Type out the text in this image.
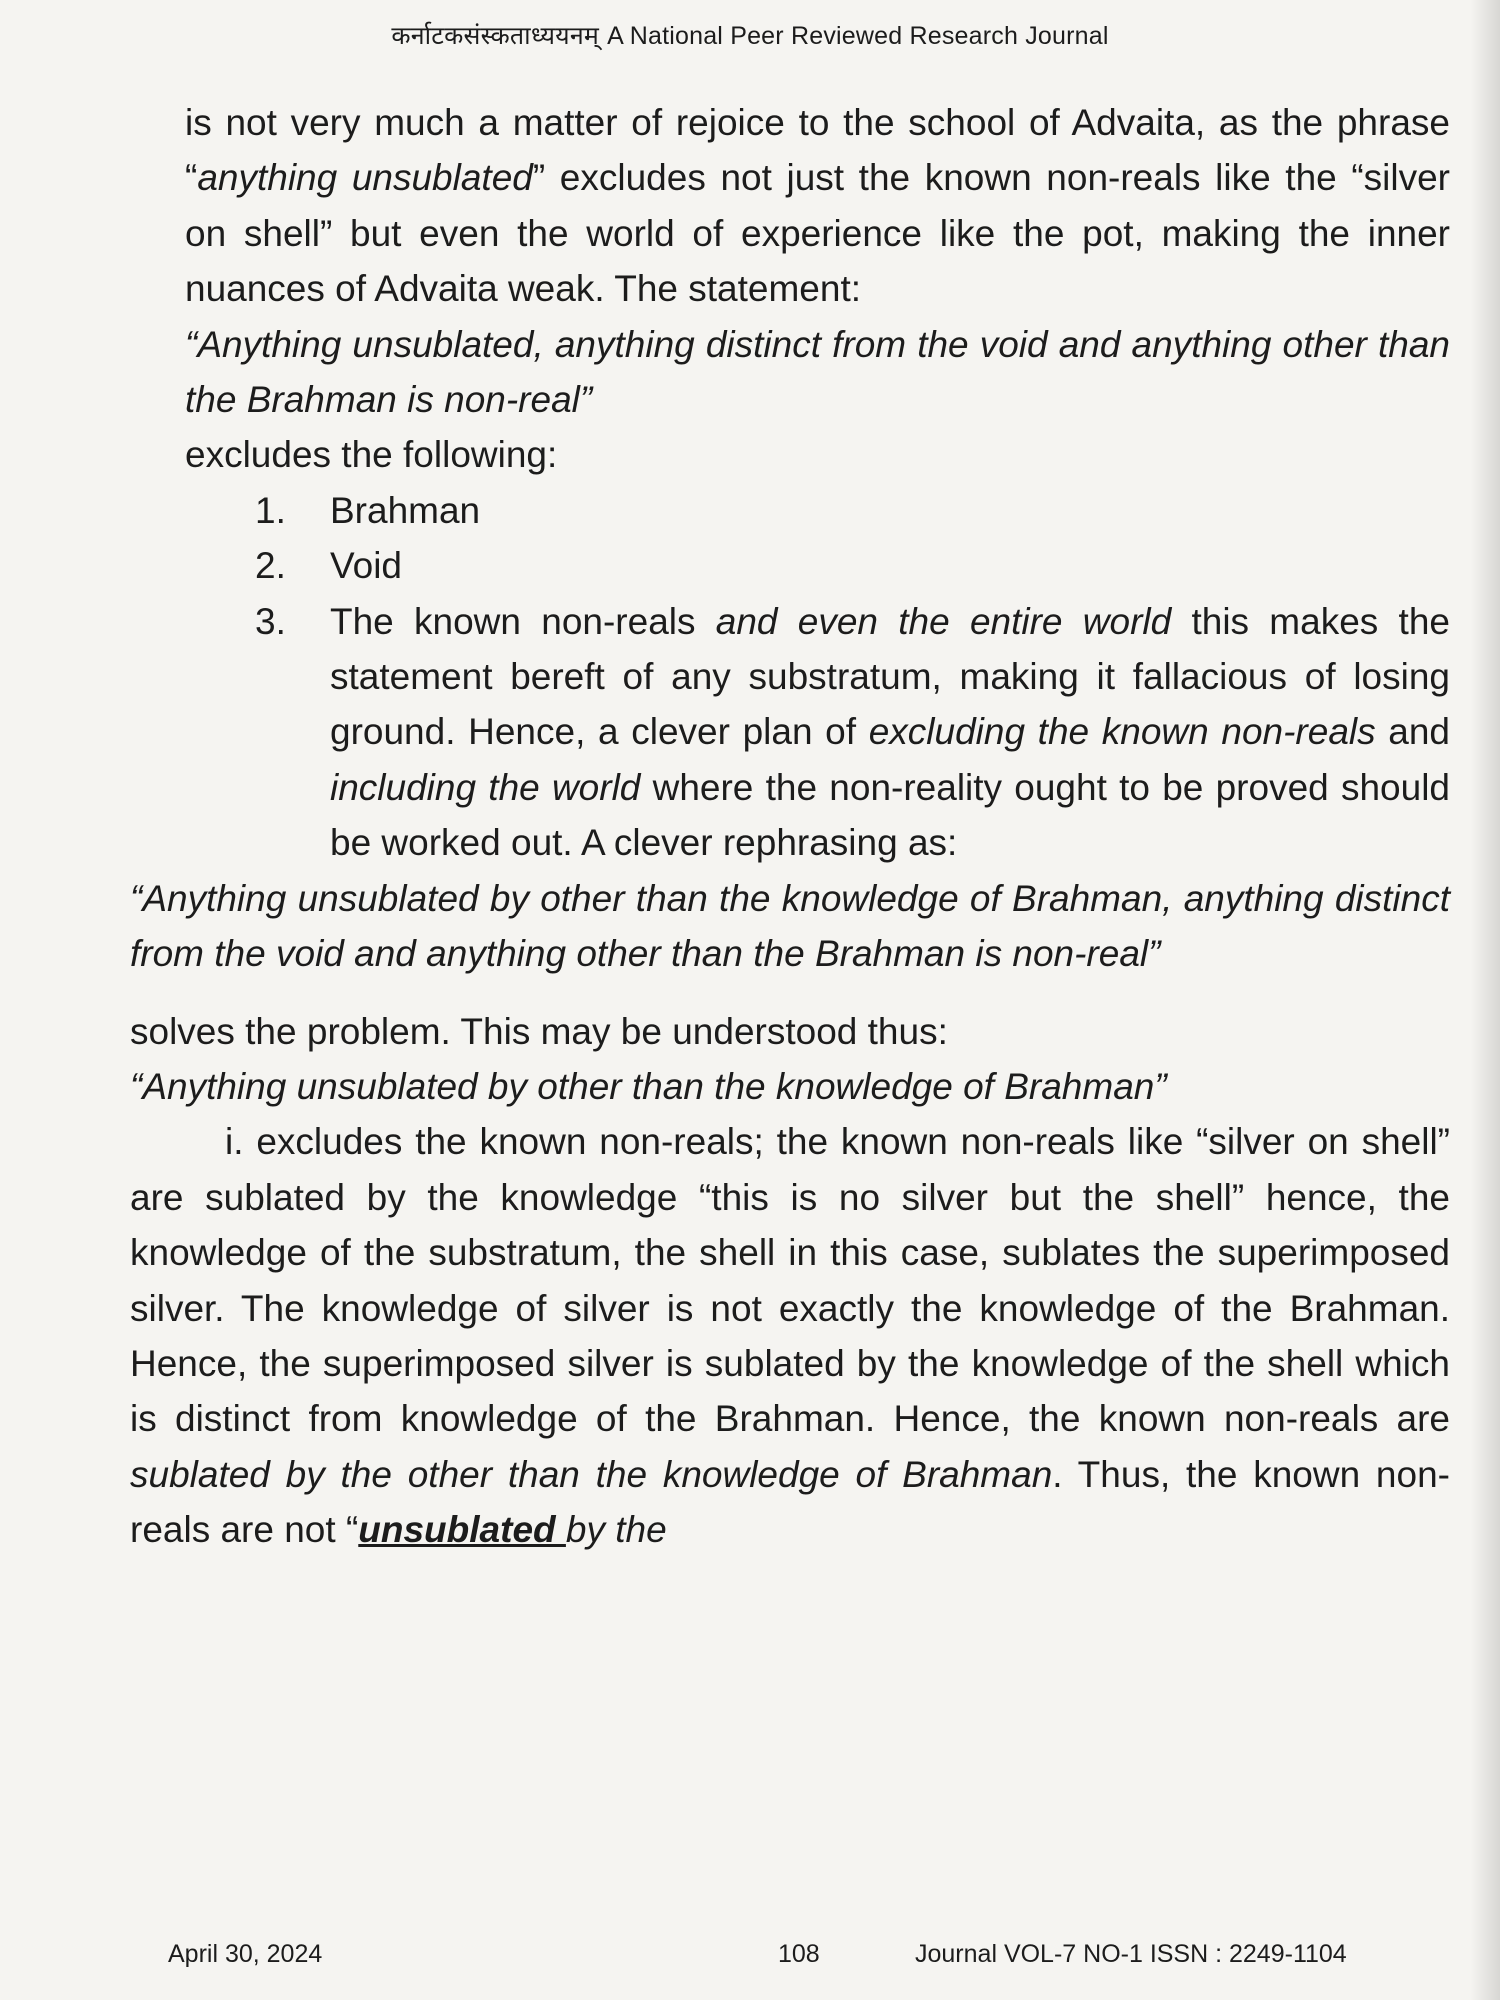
कर्नाटकसंस्कताध्ययनम् A National Peer Reviewed Research Journal

is not very much a matter of rejoice to the school of Advaita, as the phrase “anything unsublated” excludes not just the known non-reals like the “silver on shell” but even the world of experience like the pot, making the inner nuances of Advaita weak. The statement:

“Anything unsublated, anything distinct from the void and anything other than the Brahman is non-real”

excludes the following:

1. Brahman
2. Void
3. The known non-reals and even the entire world this makes the statement bereft of any substratum, making it fallacious of losing ground. Hence, a clever plan of excluding the known non-reals and including the world where the non-reality ought to be proved should be worked out. A clever rephrasing as:

“Anything unsublated by other than the knowledge of Brahman, anything distinct from the void and anything other than the Brahman is non-real”

solves the problem. This may be understood thus:

“Anything unsublated by other than the knowledge of Brahman”

i. excludes the known non-reals; the known non-reals like “silver on shell” are sublated by the knowledge “this is no silver but the shell” hence, the knowledge of the substratum, the shell in this case, sublates the superimposed silver. The knowledge of silver is not exactly the knowledge of the Brahman. Hence, the superimposed silver is sublated by the knowledge of the shell which is distinct from knowledge of the Brahman. Hence, the known non-reals are sublated by the other than the knowledge of Brahman. Thus, the known non-reals are not “unsublated by the

April 30, 2024	108	Journal VOL-7 NO-1 ISSN : 2249-1104
